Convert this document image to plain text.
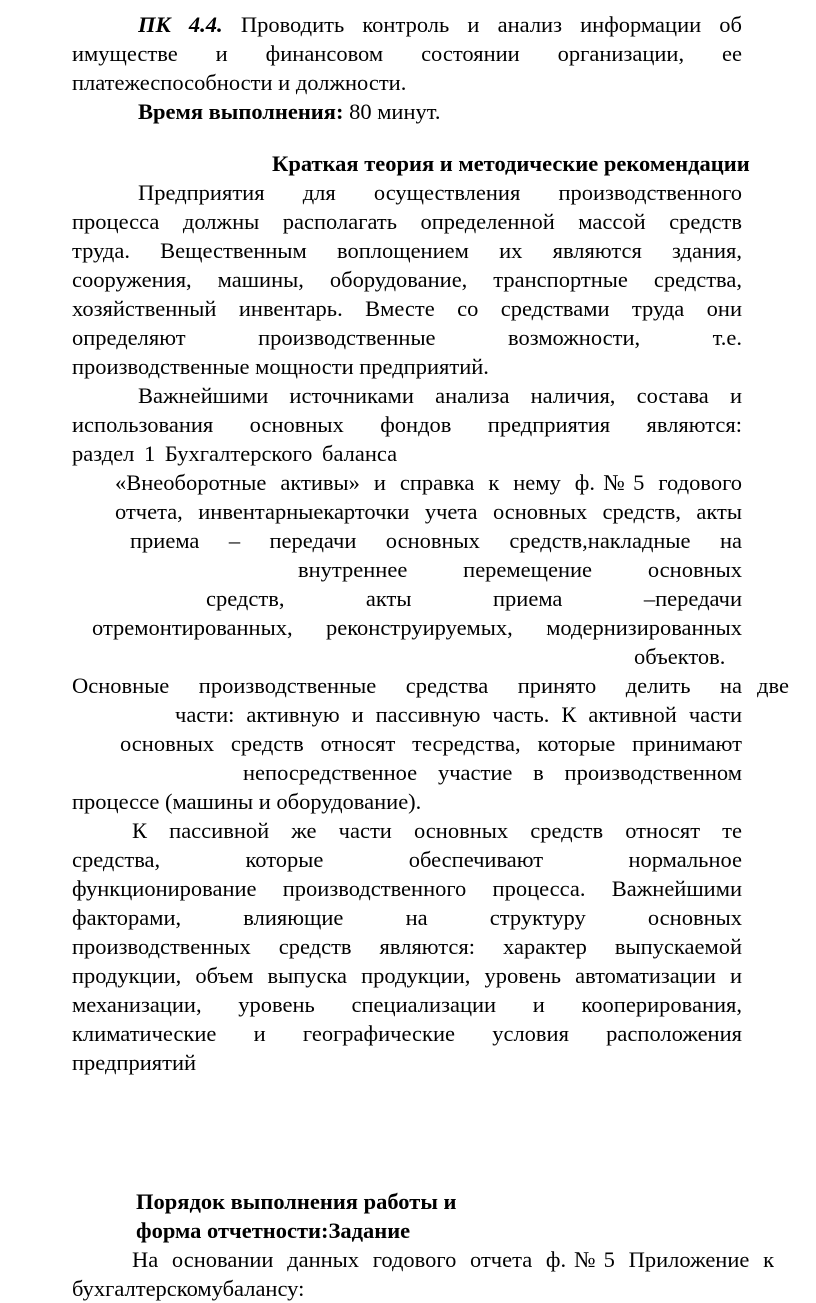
ПК 4.4. Проводить контроль и анализ информации об
имуществе и финансовом состоянии организации, ее
платежеспособности и должности.
Время выполнения: 80 минут.
Краткая теория и методические рекомендации
Предприятия для осуществления производственного
процесса должны располагать определенной массой средств
труда. Вещественным воплощением их являются здания,
сооружения, машины, оборудование, транспортные средства,
хозяйственный инвентарь. Вместе со средствами труда они
определяют производственные возможности, т.е.
производственные мощности предприятий.
Важнейшими источниками анализа наличия, состава и
использования основных фондов предприятия являются:
раздел 1 Бухгалтерского баланса
«Внеоборотные активы» и справка к нему ф.№5 годового
отчета, инвентарныекарточки учета основных средств, акты
приема – передачи основных средств,накладные на
внутреннее перемещение основных
средств, акты приема –передачи
отремонтированных, реконструируемых, модернизированных
объектов.
Основные производственные средства принято делить на две
части: активную и пассивную часть. К активной части
основных средств относят тесредства, которые принимают
непосредственное участие в производственном
процессе (машины и оборудование).
К пассивной же части основных средств относят те
средства, которые обеспечивают нормальное
функционирование производственного процесса. Важнейшими
факторами, влияющие на структуру основных
производственных средств являются: характер выпускаемой
продукции, объем выпуска продукции, уровень автоматизации и
механизации, уровень специализации и кооперирования,
климатические и географические условия расположения
предприятий
Порядок выполнения работы и
форма отчетности:Задание
На основании данных годового отчета ф.№5 Приложение к
бухгалтерскомубалансу:
